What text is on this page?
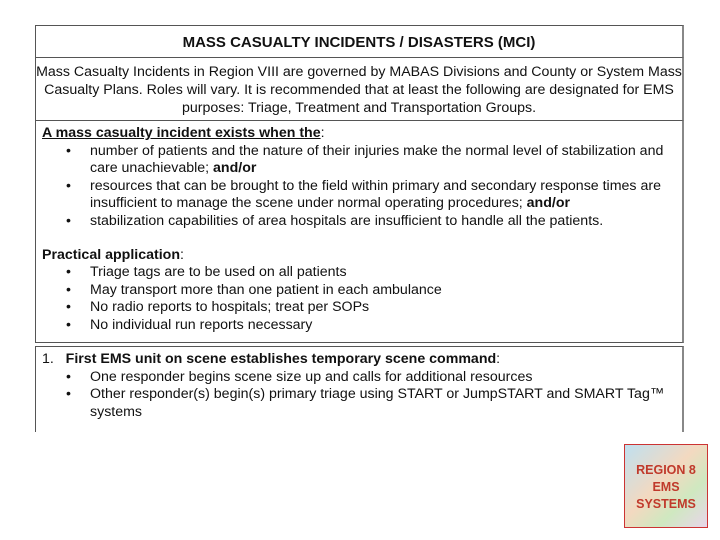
MASS CASUALTY INCIDENTS / DISASTERS (MCI)
Mass Casualty Incidents in Region VIII are governed by MABAS Divisions and County or System Mass Casualty Plans. Roles will vary. It is recommended that at least the following are designated for EMS purposes: Triage, Treatment and Transportation Groups.
A mass casualty incident exists when the:
• number of patients and the nature of their injuries make the normal level of stabilization and care unachievable; and/or
• resources that can be brought to the field within primary and secondary response times are insufficient to manage the scene under normal operating procedures; and/or
• stabilization capabilities of area hospitals are insufficient to handle all the patients.
Practical application:
• Triage tags are to be used on all patients
• May transport more than one patient in each ambulance
• No radio reports to hospitals; treat per SOPs
• No individual run reports necessary
1. First EMS unit on scene establishes temporary scene command:
• One responder begins scene size up and calls for additional resources
• Other responder(s) begin(s) primary triage using START or JumpSTART and SMART Tag™ systems
REGION 8
EMS
SYSTEMS
